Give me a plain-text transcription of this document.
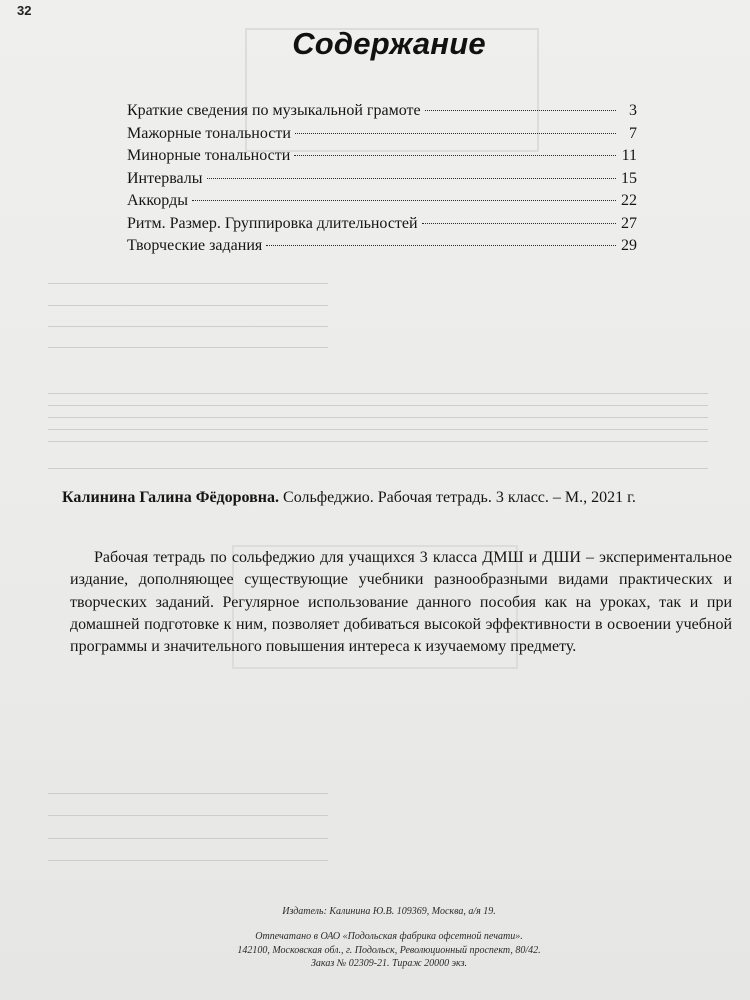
32
Содержание
Краткие сведения по музыкальной грамоте	3
Мажорные тональности	7
Минорные тональности	11
Интервалы	15
Аккорды	22
Ритм. Размер. Группировка длительностей	27
Творческие задания	29
Калинина Галина Фёдоровна. Сольфеджио. Рабочая тетрадь. 3 класс. – М., 2021 г.

Рабочая тетрадь по сольфеджио для учащихся 3 класса ДМШ и ДШИ – экспериментальное издание, дополняющее существующие учебники разнообразными видами практических и творческих заданий. Регулярное использование данного пособия как на уроках, так и при домашней подготовке к ним, позволяет добиваться высокой эффективности в освоении учебной программы и значительного повышения интереса к изучаемому предмету.

Издатель: Калинина Ю.В. 109369, Москва, а/я 19.
Отпечатано в ОАО «Подольская фабрика офсетной печати».
142100, Московская обл., г. Подольск, Революционный проспект, 80/42.
Заказ № 02309-21. Тираж 20000 экз.
